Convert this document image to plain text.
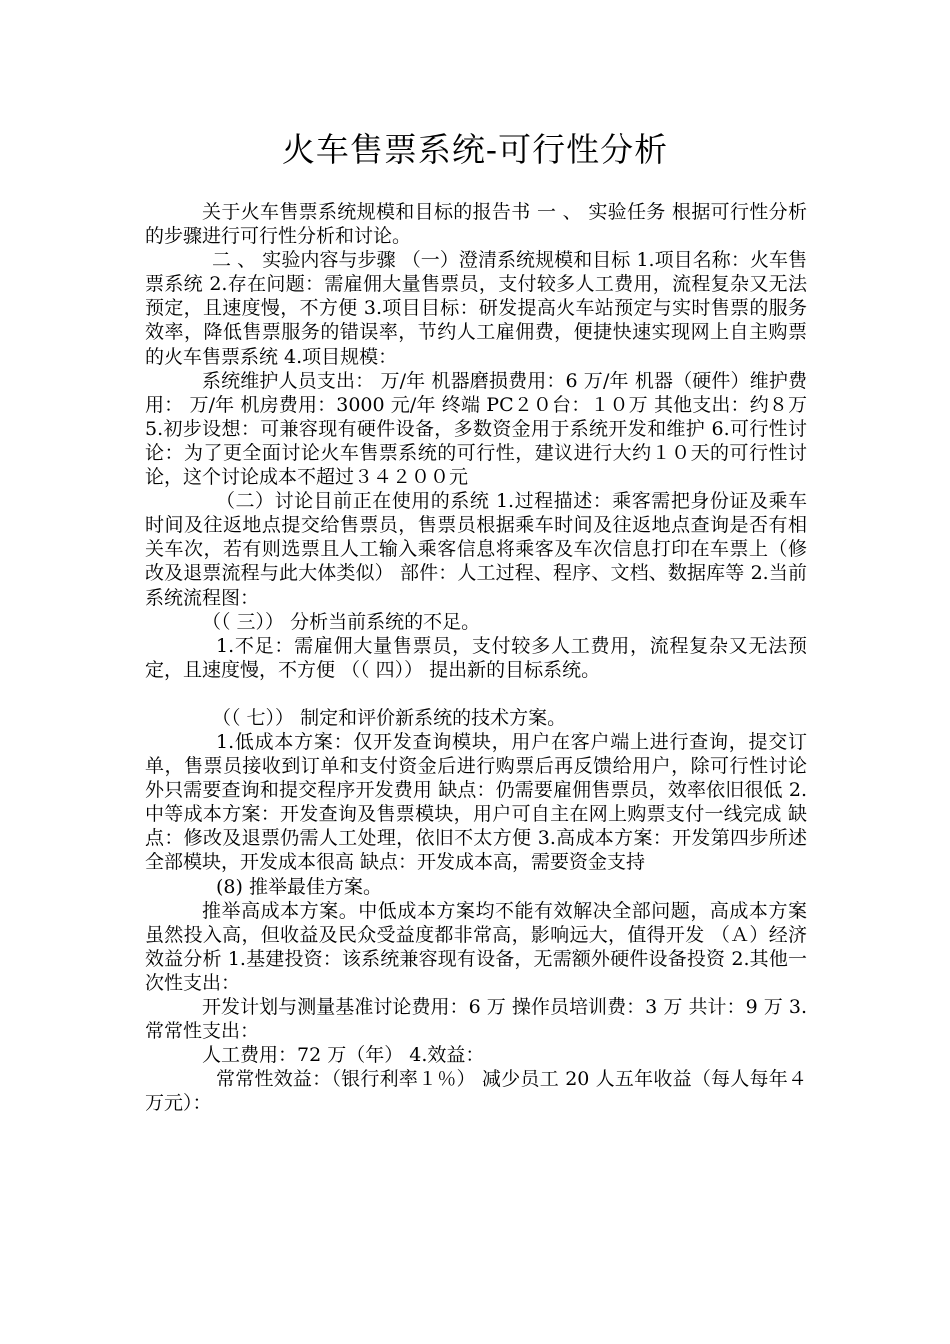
火车售票系统-可行性分析

关于火车售票系统规模和目标的报告书 一 、 实验任务 根据可行性分析的步骤进行可行性分析和讨论。

二 、 实验内容与步骤 （一）澄清系统规模和目标 1.项目名称：火车售票系统 2.存在问题：需雇佣大量售票员，支付较多人工费用，流程复杂又无法预定，且速度慢，不方便 3.项目目标：研发提高火车站预定与实时售票的服务效率，降低售票服务的错误率，节约人工雇佣费，便捷快速实现网上自主购票的火车售票系统 4.项目规模：

系统维护人员支出： 万/年 机器磨损费用：6 万/年 机器（硬件）维护费用： 万/年 机房费用：3000 元/年 终端 PC２０台：１０万 其他支出：约８万 5.初步设想：可兼容现有硬件设备，多数资金用于系统开发和维护 6.可行性讨论：为了更全面讨论火车售票系统的可行性，建议进行大约１０天的可行性讨论，这个讨论成本不超过３４２００元

（二）讨论目前正在使用的系统 1.过程描述：乘客需把身份证及乘车时间及往返地点提交给售票员，售票员根据乘车时间及往返地点查询是否有相关车次，若有则选票且人工输入乘客信息将乘客及车次信息打印在车票上（修改及退票流程与此大体类似） 部件：人工过程、程序、文档、数据库等 2.当前系统流程图：

（（ 三）） 分析当前系统的不足。

1.不足：需雇佣大量售票员，支付较多人工费用，流程复杂又无法预定，且速度慢，不方便 （（ 四）） 提出新的目标系统。

（（ 七）） 制定和评价新系统的技术方案。

1.低成本方案：仅开发查询模块，用户在客户端上进行查询，提交订单，售票员接收到订单和支付资金后进行购票后再反馈给用户，除可行性讨论外只需要查询和提交程序开发费用 缺点：仍需要雇佣售票员，效率依旧很低 2.中等成本方案：开发查询及售票模块，用户可自主在网上购票支付一线完成 缺点：修改及退票仍需人工处理，依旧不太方便 3.高成本方案：开发第四步所述全部模块，开发成本很高 缺点：开发成本高，需要资金支持

(8) 推举最佳方案。

推举高成本方案。中低成本方案均不能有效解决全部问题，高成本方案虽然投入高，但收益及民众受益度都非常高，影响远大，值得开发 （Ａ）经济效益分析 1.基建投资：该系统兼容现有设备，无需额外硬件设备投资 2.其他一次性支出：

开发计划与测量基准讨论费用：6 万 操作员培训费：3 万 共计：9 万 3.常常性支出：

人工费用：72 万（年） 4.效益：

常常性效益：（银行利率１％） 减少员工 20 人五年收益（每人每年４万元）：
